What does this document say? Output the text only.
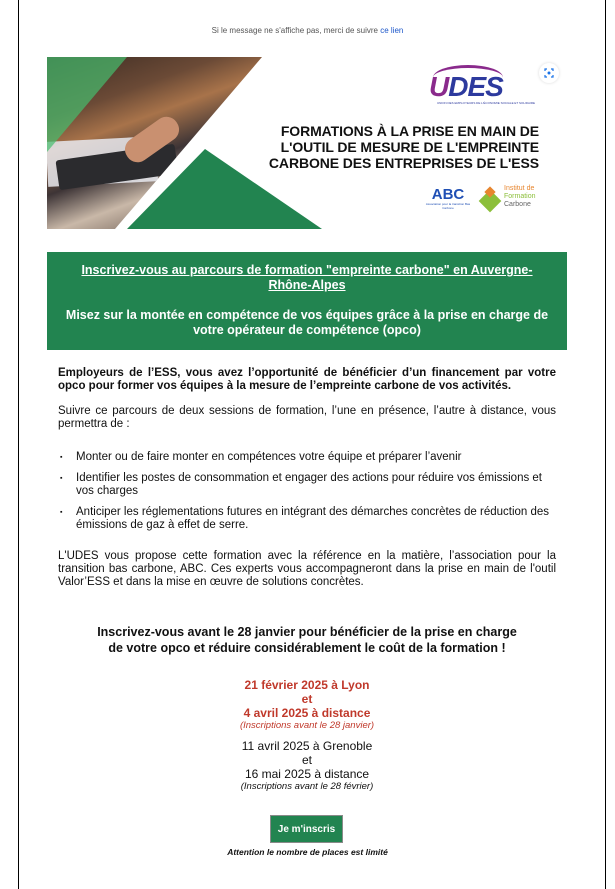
Si le message ne s'affiche pas, merci de suivre ce lien
UDES
UNION DES EMPLOYEURS DE L'ÉCONOMIE SOCIALE ET SOLIDAIRE
FORMATIONS À LA PRISE EN MAIN DE
L'OUTIL DE MESURE DE L'EMPREINTE
CARBONE DES ENTREPRISES DE L'ESS
ABC
Association pour la transition Bas Carbone
Institut de
Formation
Carbone
Inscrivez-vous au parcours de formation "empreinte carbone" en Auvergne-Rhône-Alpes
Misez sur la montée en compétence de vos équipes grâce à la prise en charge de votre opérateur de compétence (opco)

Employeurs de l’ESS, vous avez l’opportunité de bénéficier d’un financement par votre opco pour former vos équipes à la mesure de l’empreinte carbone de vos activités.

Suivre ce parcours de deux sessions de formation, l’une en présence, l’autre à distance, vous permettra de :

▪ Monter ou de faire monter en compétences votre équipe et préparer l’avenir
▪ Identifier les postes de consommation et engager des actions pour réduire vos émissions et vos charges
▪ Anticiper les réglementations futures en intégrant des démarches concrètes de réduction des émissions de gaz à effet de serre.

L'UDES vous propose cette formation avec la référence en la matière, l’association pour la transition bas carbone, ABC. Ces experts vous accompagneront dans la prise en main de l'outil Valor’ESS et dans la mise en œuvre de solutions concrètes.

Inscrivez-vous avant le 28 janvier pour bénéficier de la prise en charge
de votre opco et réduire considérablement le coût de la formation !
21 février 2025 à Lyon
et
4 avril 2025 à distance
(Inscriptions avant le 28 janvier)
11 avril 2025 à Grenoble
et
16 mai 2025 à distance
(Inscriptions avant le 28 février)
Je m'inscris
Attention le nombre de places est limité
